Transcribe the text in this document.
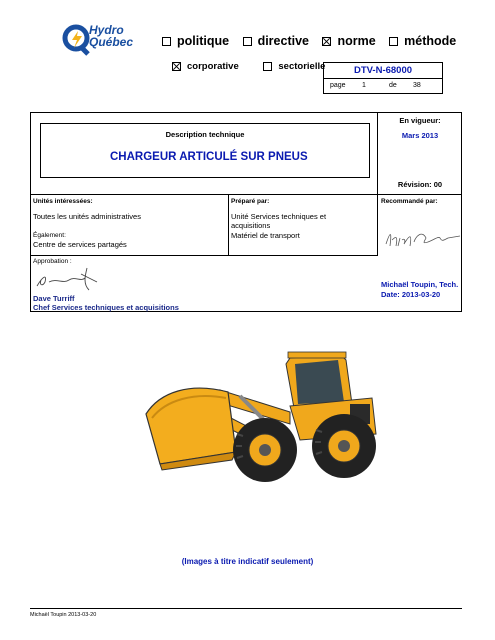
Hydro
Québec	politique
directive
norme
méthode
corporative
	sectorielle	DTV-N-68000
page 1	de 38
Description technique
CHARGEUR ARTICULÉ SUR PNEUS
En vigueur:
Mars 2013
Révision: 00
Unités intéressées:
Toutes les unités administratives
Également:
Centre de services partagés
Préparé par:
Unité Services techniques et
acquisitions
Matériel de transport
Recommandé par:
Michaël Toupin, Tech.
Date: 2013-03-20
Approbation :
Dave Turriff
Chef Services techniques et acquisitions
(Images à titre indicatif seulement)
Michaël Toupin 2013-03-20
